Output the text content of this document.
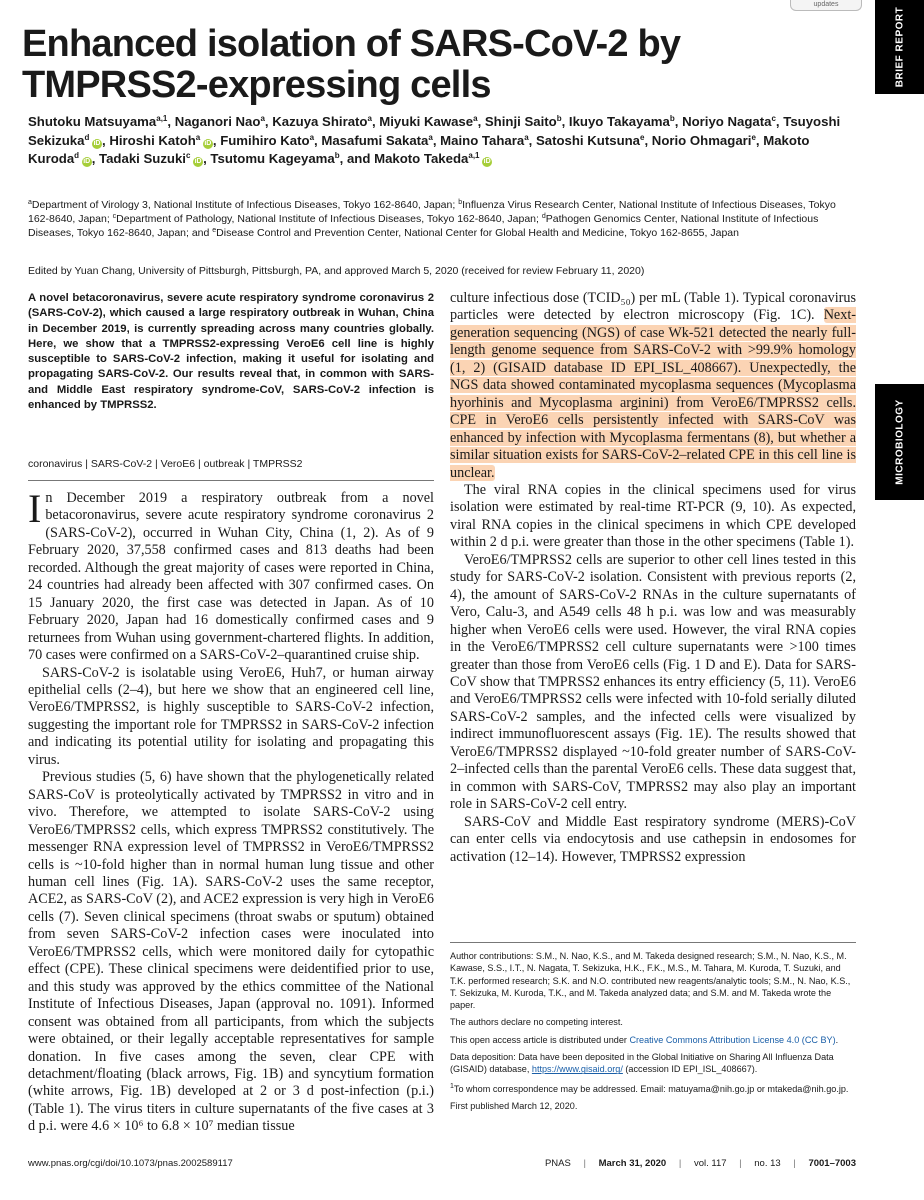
updates
BRIEF REPORT
MICROBIOLOGY
Enhanced isolation of SARS-CoV-2 by TMPRSS2-expressing cells
Shutoku Matsuyama$^{a,1}$, Naganori Nao$^a$, Kazuya Shirato$^a$, Miyuki Kawase$^a$, Shinji Saito$^b$, Ikuyo Takayama$^b$, Noriyo Nagata$^c$, Tsuyoshi Sekizuka$^d$ iD , Hiroshi Katoh$^a$ iD , Fumihiro Kato$^a$, Masafumi Sakata$^a$, Maino Tahara$^a$, Satoshi Kutsuna$^e$, Norio Ohmagari$^e$, Makoto Kuroda$^d$ iD , Tadaki Suzuki$^c$ iD , Tsutomu Kageyama$^b$, and Makoto Takeda$^{a,1}$ iD
$^a$Department of Virology 3, National Institute of Infectious Diseases, Tokyo 162-8640, Japan; $^b$Influenza Virus Research Center, National Institute of Infectious Diseases, Tokyo 162-8640, Japan; $^c$Department of Pathology, National Institute of Infectious Diseases, Tokyo 162-8640, Japan; $^d$Pathogen Genomics Center, National Institute of Infectious Diseases, Tokyo 162-8640, Japan; and $^e$Disease Control and Prevention Center, National Center for Global Health and Medicine, Tokyo 162-8655, Japan
Edited by Yuan Chang, University of Pittsburgh, Pittsburgh, PA, and approved March 5, 2020 (received for review February 11, 2020)

A novel betacoronavirus, severe acute respiratory syndrome coronavirus 2 (SARS-CoV-2), which caused a large respiratory outbreak in Wuhan, China in December 2019, is currently spreading across many countries globally. Here, we show that a TMPRSS2-expressing VeroE6 cell line is highly susceptible to SARS-CoV-2 infection, making it useful for isolating and propagating SARS-CoV-2. Our results reveal that, in common with SARS- and Middle East respiratory syndrome-CoV, SARS-CoV-2 infection is enhanced by TMPRSS2.

coronavirus | SARS-CoV-2 | VeroE6 | outbreak | TMPRSS2

In December 2019 a respiratory outbreak from a novel betacoronavirus, severe acute respiratory syndrome coronavirus 2 (SARS-CoV-2), occurred in Wuhan City, China (1, 2). As of 9 February 2020, 37,558 confirmed cases and 813 deaths had been recorded. Although the great majority of cases were reported in China, 24 countries had already been affected with 307 confirmed cases. On 15 January 2020, the first case was detected in Japan. As of 10 February 2020, Japan had 16 domestically confirmed cases and 9 returnees from Wuhan using government-chartered flights. In addition, 70 cases were confirmed on a SARS-CoV-2–quarantined cruise ship.

SARS-CoV-2 is isolatable using VeroE6, Huh7, or human airway epithelial cells (2–4), but here we show that an engineered cell line, VeroE6/TMPRSS2, is highly susceptible to SARS-CoV-2 infection, suggesting the important role for TMPRSS2 in SARS-CoV-2 infection and indicating its potential utility for isolating and propagating this virus.

Previous studies (5, 6) have shown that the phylogenetically related SARS-CoV is proteolytically activated by TMPRSS2 in vitro and in vivo. Therefore, we attempted to isolate SARS-CoV-2 using VeroE6/TMPRSS2 cells, which express TMPRSS2 constitutively. The messenger RNA expression level of TMPRSS2 in VeroE6/TMPRSS2 cells is ~10-fold higher than in normal human lung tissue and other human cell lines (Fig. 1A). SARS-CoV-2 uses the same receptor, ACE2, as SARS-CoV (2), and ACE2 expression is very high in VeroE6 cells (7). Seven clinical specimens (throat swabs or sputum) obtained from seven SARS-CoV-2 infection cases were inoculated into VeroE6/TMPRSS2 cells, which were monitored daily for cytopathic effect (CPE). These clinical specimens were deidentified prior to use, and this study was approved by the ethics committee of the National Institute of Infectious Diseases, Japan (approval no. 1091). Informed consent was obtained from all participants, from which the subjects were obtained, or their legally acceptable representatives for sample donation. In five cases among the seven, clear CPE with detachment/floating (black arrows, Fig. 1B) and syncytium formation (white arrows, Fig. 1B) developed at 2 or 3 d post-infection (p.i.) (Table 1). The virus titers in culture supernatants of the five cases at 3 d p.i. were 4.6 × 10⁶ to 6.8 × 10⁷ median tissue

culture infectious dose (TCID₅₀) per mL (Table 1). Typical coronavirus particles were detected by electron microscopy (Fig. 1C). Next-generation sequencing (NGS) of case Wk-521 detected the nearly full-length genome sequence from SARS-CoV-2 with >99.9% homology (1, 2) (GISAID database ID EPI_ISL_408667). Unexpectedly, the NGS data showed contaminated mycoplasma sequences (Mycoplasma hyorhinis and Mycoplasma arginini) from VeroE6/TMPRSS2 cells. CPE in VeroE6 cells persistently infected with SARS-CoV was enhanced by infection with Mycoplasma fermentans (8), but whether a similar situation exists for SARS-CoV-2–related CPE in this cell line is unclear.

The viral RNA copies in the clinical specimens used for virus isolation were estimated by real-time RT-PCR (9, 10). As expected, viral RNA copies in the clinical specimens in which CPE developed within 2 d p.i. were greater than those in the other specimens (Table 1).

VeroE6/TMPRSS2 cells are superior to other cell lines tested in this study for SARS-CoV-2 isolation. Consistent with previous reports (2, 4), the amount of SARS-CoV-2 RNAs in the culture supernatants of Vero, Calu-3, and A549 cells 48 h p.i. was low and was measurably higher when VeroE6 cells were used. However, the viral RNA copies in the VeroE6/TMPRSS2 cell culture supernatants were >100 times greater than those from VeroE6 cells (Fig. 1 D and E). Data for SARS-CoV show that TMPRSS2 enhances its entry efficiency (5, 11). VeroE6 and VeroE6/TMPRSS2 cells were infected with 10-fold serially diluted SARS-CoV-2 samples, and the infected cells were visualized by indirect immunofluorescent assays (Fig. 1E). The results showed that VeroE6/TMPRSS2 displayed ~10-fold greater number of SARS-CoV-2–infected cells than the parental VeroE6 cells. These data suggest that, in common with SARS-CoV, TMPRSS2 may also play an important role in SARS-CoV-2 cell entry.

SARS-CoV and Middle East respiratory syndrome (MERS)-CoV can enter cells via endocytosis and use cathepsin in endosomes for activation (12–14). However, TMPRSS2 expression

Author contributions: S.M., N. Nao, K.S., and M. Takeda designed research; S.M., N. Nao, K.S., M. Kawase, S.S., I.T., N. Nagata, T. Sekizuka, H.K., F.K., M.S., M. Tahara, M. Kuroda, T. Suzuki, and T.K. performed research; S.K. and N.O. contributed new reagents/analytic tools; S.M., N. Nao, K.S., T. Sekizuka, M. Kuroda, T.K., and M. Takeda analyzed data; and S.M. and M. Takeda wrote the paper.

The authors declare no competing interest.

This open access article is distributed under Creative Commons Attribution License 4.0 (CC BY).

Data deposition: Data have been deposited in the Global Initiative on Sharing All Influenza Data (GISAID) database, https://www.gisaid.org/ (accession ID EPI_ISL_408667).

$^1$To whom correspondence may be addressed. Email: matuyama@nih.go.jp or mtakeda@nih.go.jp.

First published March 12, 2020.

www.pnas.org/cgi/doi/10.1073/pnas.2002589117	PNAS | March 31, 2020 | vol. 117 | no. 13 | 7001–7003
